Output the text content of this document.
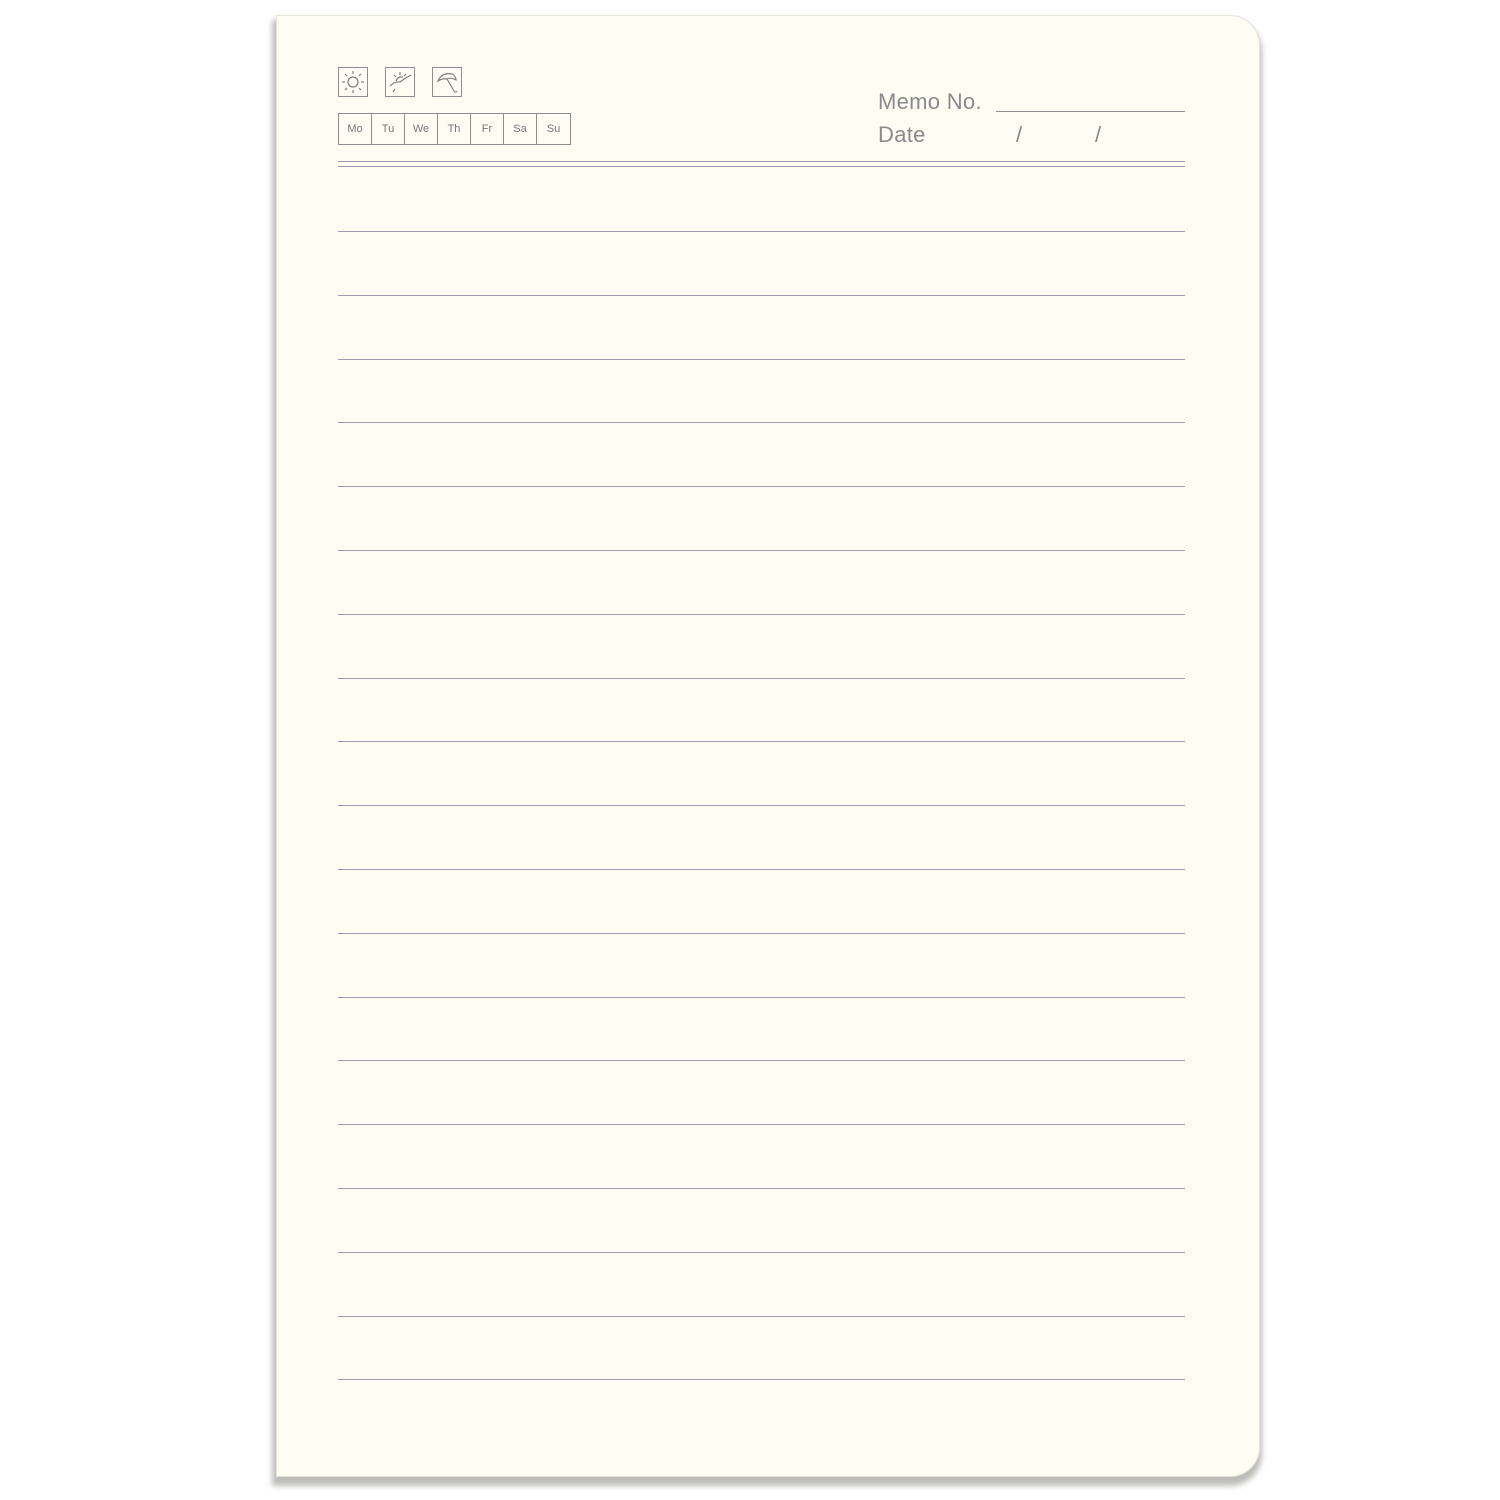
Mo	Tu	We	Th	Fr	Sa	Su
Memo No.
Date	/	/
